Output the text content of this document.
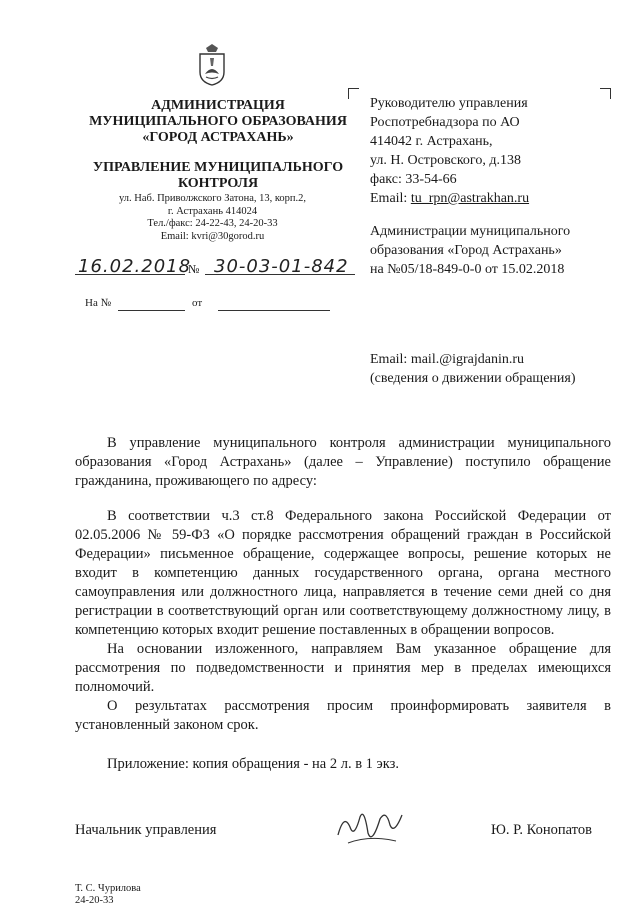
АДМИНИСТРАЦИЯ
МУНИЦИПАЛЬНОГО ОБРАЗОВАНИЯ
«ГОРОД АСТРАХАНЬ»
УПРАВЛЕНИЕ МУНИЦИПАЛЬНОГО
КОНТРОЛЯ
ул. Наб. Приволжского Затона, 13, корп.2,
г. Астрахань 414024
Тел./факс: 24-22-43, 24-20-33
Email: kvri@30gorod.ru
16.02.2018
№ 30-03-01-842
На №	от
Руководителю управления
Роспотребнадзора по АО
414042 г. Астрахань,
ул. Н. Островского, д.138
факс: 33-54-66
Email: tu_rpn@astrakhan.ru
Администрации муниципального
образования «Город Астрахань»
на №05/18-849-0-0 от 15.02.2018
Email: mail.@igrajdanin.ru
(сведения о движении обращения)

В управление муниципального контроля администрации муниципального образования «Город Астрахань» (далее – Управление) поступило обращение гражданина, проживающего по адресу:

В соответствии ч.3 ст.8 Федерального закона Российской Федерации от 02.05.2006 № 59-ФЗ «О порядке рассмотрения обращений граждан в Российской Федерации» письменное обращение, содержащее вопросы, решение которых не входит в компетенцию данных государственного органа, органа местного самоуправления или должностного лица, направляется в течение семи дней со дня регистрации в соответствующий орган или соответствующему должностному лицу, в компетенцию которых входит решение поставленных в обращении вопросов.

На основании изложенного, направляем Вам указанное обращение для рассмотрения по подведомственности и принятия мер в пределах имеющихся полномочий.

О результатах рассмотрения просим проинформировать заявителя в установленный законом срок.

Приложение: копия обращения - на 2 л. в 1 экз.

Начальник управления	Ю. Р. Конопатов
Т. С. Чурилова
24-20-33
